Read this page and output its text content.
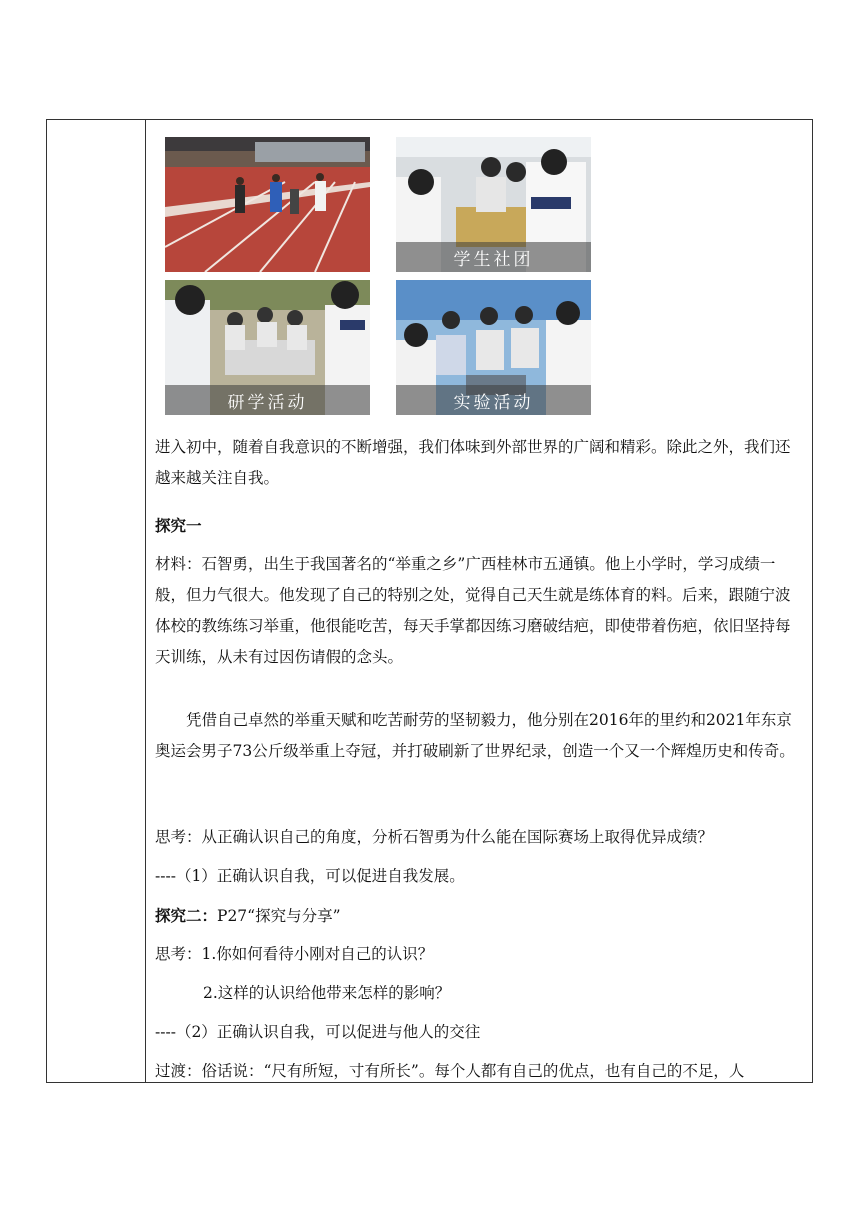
学生社团
研学活动	实验活动

进入初中，随着自我意识的不断增强，我们体味到外部世界的广阔和精彩。除此之外，我们还越来越关注自我。

探究一

材料：石智勇，出生于我国著名的“举重之乡”广西桂林市五通镇。他上小学时，学习成绩一般，但力气很大。他发现了自己的特别之处，觉得自己天生就是练体育的料。后来，跟随宁波体校的教练练习举重，他很能吃苦，每天手掌都因练习磨破结疤，即使带着伤疤，依旧坚持每天训练，从未有过因伤请假的念头。

凭借自己卓然的举重天赋和吃苦耐劳的坚韧毅力，他分别在2016年的里约和2021年东京奥运会男子73公斤级举重上夺冠，并打破刷新了世界纪录，创造一个又一个辉煌历史和传奇。

思考：从正确认识自己的角度，分析石智勇为什么能在国际赛场上取得优异成绩？

----（1）正确认识自我，可以促进自我发展。

探究二：P27“探究与分享”

思考：1.你如何看待小刚对自己的认识？

2.这样的认识给他带来怎样的影响？

----（2）正确认识自我，可以促进与他人的交往

过渡：俗话说：“尺有所短，寸有所长”。每个人都有自己的优点，也有自己的不足，人
